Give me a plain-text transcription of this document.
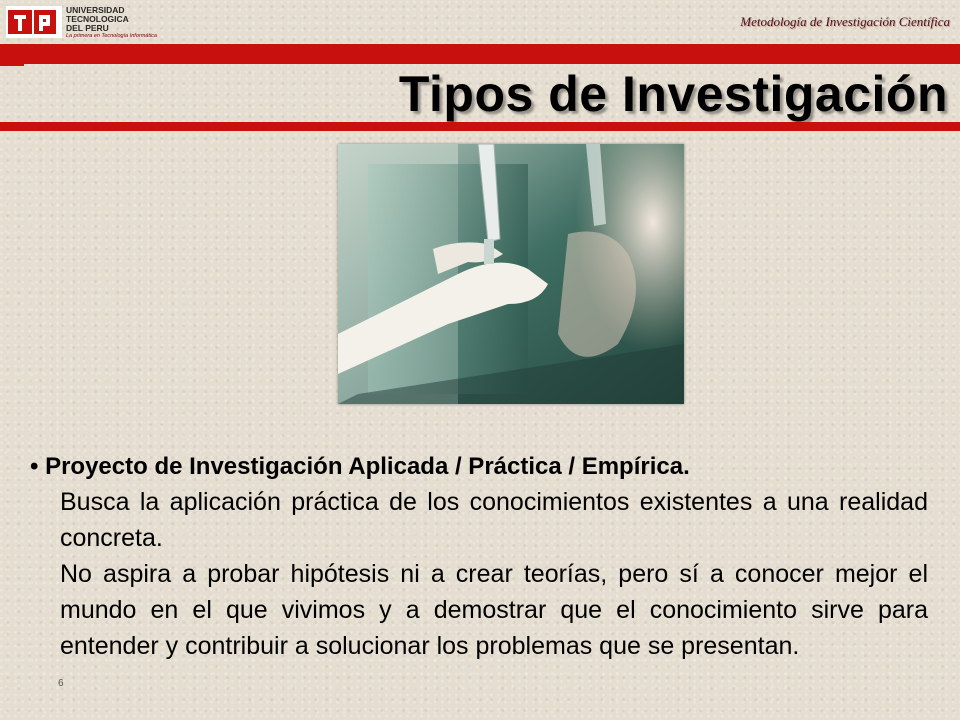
UNIVERSIDAD
TECNOLOGICA
DEL PERU
La primera en Tecnología Informática
Metodología de Investigación Científica
Tipos de Investigación

• Proyecto de Investigación Aplicada / Práctica / Empírica.

Busca la aplicación práctica de los conocimientos existentes a una realidad concreta.

No aspira a probar hipótesis ni a crear teorías, pero sí a conocer mejor el mundo en el que vivimos y a demostrar que el conocimiento sirve para entender y contribuir a solucionar los problemas que se presentan.

6
